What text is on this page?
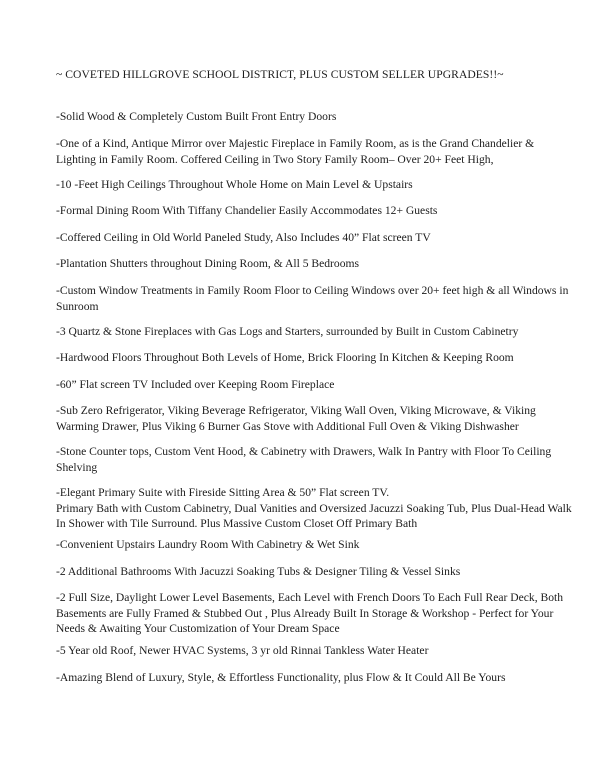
~ COVETED HILLGROVE SCHOOL DISTRICT, PLUS CUSTOM SELLER UPGRADES!!~

-Solid Wood & Completely Custom Built Front Entry Doors

-One of a Kind, Antique Mirror over Majestic Fireplace in Family Room, as is the Grand Chandelier & Lighting in Family Room. Coffered Ceiling in Two Story Family Room– Over 20+ Feet High,

-10 -Feet High Ceilings Throughout Whole Home on Main Level & Upstairs

-Formal Dining Room With Tiffany Chandelier Easily Accommodates 12+ Guests

-Coffered Ceiling in Old World Paneled Study, Also Includes 40” Flat screen TV

-Plantation Shutters throughout Dining Room, & All 5 Bedrooms

-Custom Window Treatments in Family Room Floor to Ceiling Windows over 20+ feet high & all Windows in Sunroom

-3 Quartz & Stone Fireplaces with Gas Logs and Starters, surrounded by Built in Custom Cabinetry

-Hardwood Floors Throughout Both Levels of Home, Brick Flooring In Kitchen & Keeping Room

-60” Flat screen TV Included over Keeping Room Fireplace

-Sub Zero Refrigerator, Viking Beverage Refrigerator, Viking Wall Oven, Viking Microwave, & Viking Warming Drawer, Plus Viking 6 Burner Gas Stove with Additional Full Oven & Viking Dishwasher

-Stone Counter tops, Custom Vent Hood, & Cabinetry with Drawers, Walk In Pantry with Floor To Ceiling Shelving

-Elegant Primary Suite with Fireside Sitting Area & 50” Flat screen TV.
Primary Bath with Custom Cabinetry, Dual Vanities and Oversized Jacuzzi Soaking Tub, Plus Dual-Head Walk In Shower with Tile Surround. Plus Massive Custom Closet Off Primary Bath

-Convenient Upstairs Laundry Room With Cabinetry & Wet Sink

-2 Additional Bathrooms With Jacuzzi Soaking Tubs & Designer Tiling & Vessel Sinks

-2 Full Size, Daylight Lower Level Basements, Each Level with French Doors To Each Full Rear Deck, Both Basements are Fully Framed & Stubbed Out , Plus Already Built In Storage & Workshop - Perfect for Your Needs & Awaiting Your Customization of Your Dream Space

-5 Year old Roof, Newer HVAC Systems, 3 yr old Rinnai Tankless Water Heater

-Amazing Blend of Luxury, Style, & Effortless Functionality, plus Flow & It Could All Be Yours
